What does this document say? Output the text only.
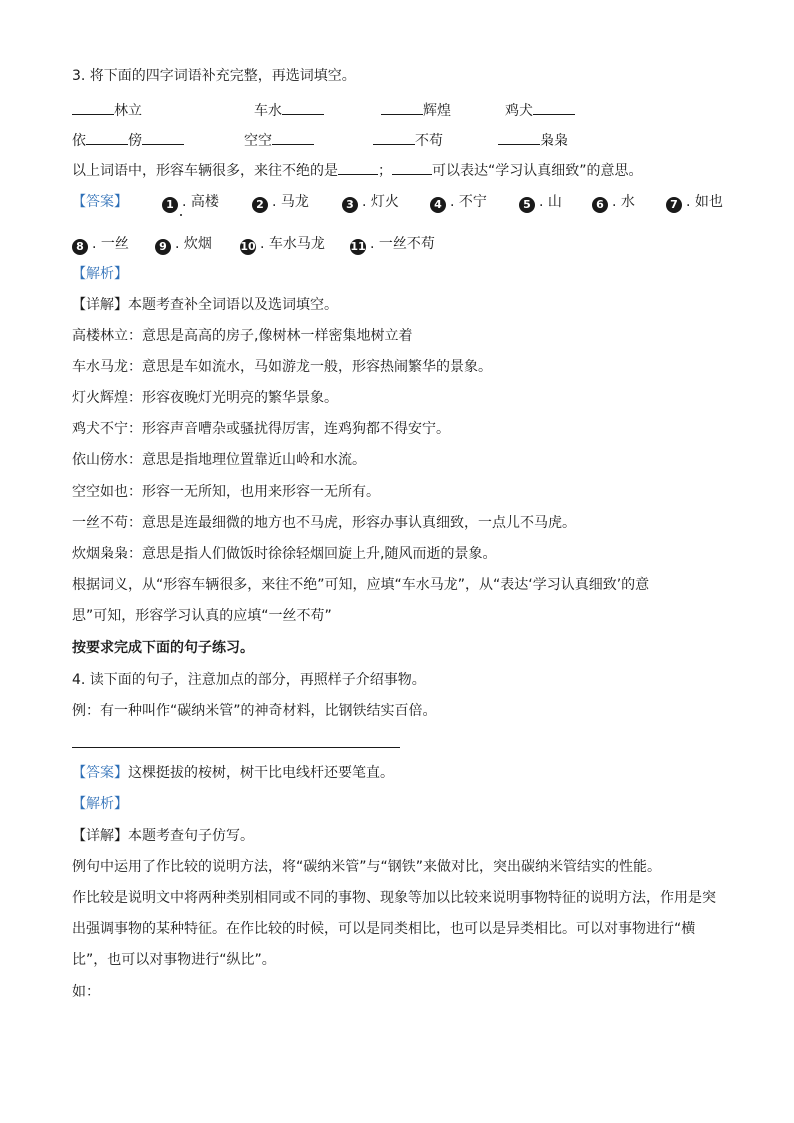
3. 将下面的四字词语补充完整，再选词填空。
林立	车水	辉煌	鸡犬
依	傍	空空	不苟	枭枭
以上词语中，形容车辆很多，来往不绝的是	；	可以表达“学习认真细致”的意思。
【答案】	1 . 高楼	2 . 马龙	3 . 灯火	4 . 不宁	5 . 山	6 . 水	7 . 如也
8 . 一丝	9 . 炊烟	10 . 车水马龙 11 . 一丝不苟
【解析】
【详解】本题考查补全词语以及选词填空。
高楼林立：意思是高高的房子,像树林一样密集地树立着
车水马龙：意思是车如流水，马如游龙一般，形容热闹繁华的景象。
灯火辉煌：形容夜晚灯光明亮的繁华景象。
鸡犬不宁：形容声音嘈杂或骚扰得厉害，连鸡狗都不得安宁。
依山傍水：意思是指地理位置靠近山岭和水流。
空空如也：形容一无所知，也用来形容一无所有。
一丝不苟：意思是连最细微的地方也不马虎，形容办事认真细致，一点儿不马虎。
炊烟枭枭：意思是指人们做饭时徐徐轻烟回旋上升,随风而逝的景象。
根据词义，从“形容车辆很多，来往不绝”可知，应填“车水马龙”，从“表达‘学习认真细致’的意
思”可知，形容学习认真的应填“一丝不苟”
按要求完成下面的句子练习。
4. 读下面的句子，注意加点的部分，再照样子介绍事物。
例：有一种叫作“碳纳米管”的神奇材料，比钢铁结实百倍。
【答案】这棵挺拔的桉树，树干比电线杆还要笔直。
【解析】
【详解】本题考查句子仿写。
例句中运用了作比较的说明方法，将“碳纳米管”与“钢铁”来做对比，突出碳纳米管结实的性能。
作比较是说明文中将两种类别相同或不同的事物、现象等加以比较来说明事物特征的说明方法，作用是突
出强调事物的某种特征。在作比较的时候，可以是同类相比，也可以是异类相比。可以对事物进行“横
比”，也可以对事物进行“纵比”。
如：
